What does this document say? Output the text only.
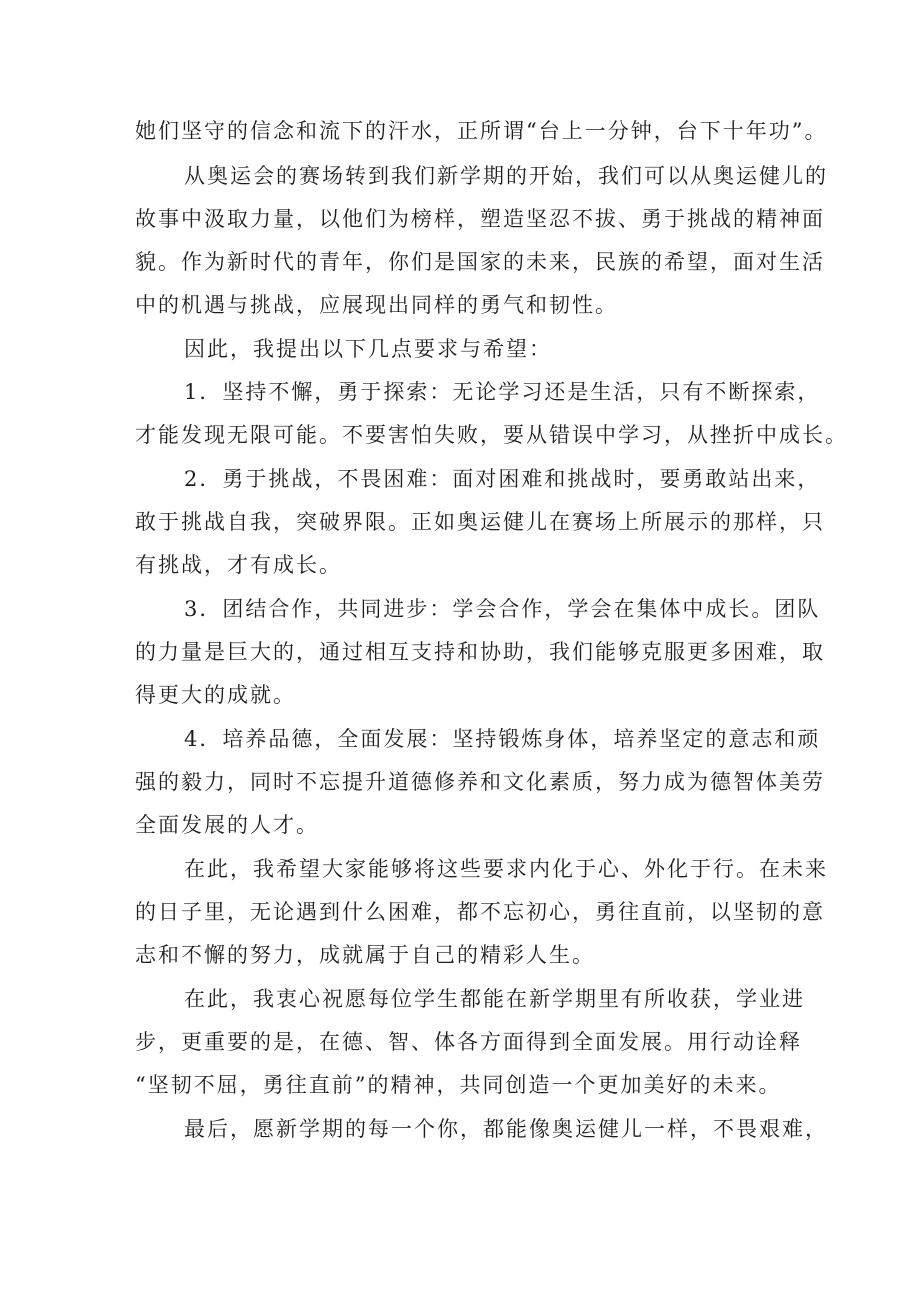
她们坚守的信念和流下的汗水，正所谓“台上一分钟，台下十年功”。
从奥运会的赛场转到我们新学期的开始，我们可以从奥运健儿的
故事中汲取力量，以他们为榜样，塑造坚忍不拔、勇于挑战的精神面
貌。作为新时代的青年，你们是国家的未来，民族的希望，面对生活
中的机遇与挑战，应展现出同样的勇气和韧性。
因此，我提出以下几点要求与希望：
1．坚持不懈，勇于探索：无论学习还是生活，只有不断探索，
才能发现无限可能。不要害怕失败，要从错误中学习，从挫折中成长。
2．勇于挑战，不畏困难：面对困难和挑战时，要勇敢站出来，
敢于挑战自我，突破界限。正如奥运健儿在赛场上所展示的那样，只
有挑战，才有成长。
3．团结合作，共同进步：学会合作，学会在集体中成长。团队
的力量是巨大的，通过相互支持和协助，我们能够克服更多困难，取
得更大的成就。
4．培养品德，全面发展：坚持锻炼身体，培养坚定的意志和顽
强的毅力，同时不忘提升道德修养和文化素质，努力成为德智体美劳
全面发展的人才。
在此，我希望大家能够将这些要求内化于心、外化于行。在未来
的日子里，无论遇到什么困难，都不忘初心，勇往直前，以坚韧的意
志和不懈的努力，成就属于自己的精彩人生。
在此，我衷心祝愿每位学生都能在新学期里有所收获，学业进
步，更重要的是，在德、智、体各方面得到全面发展。用行动诠释
“坚韧不屈，勇往直前”的精神，共同创造一个更加美好的未来。
最后，愿新学期的每一个你，都能像奥运健儿一样，不畏艰难，
